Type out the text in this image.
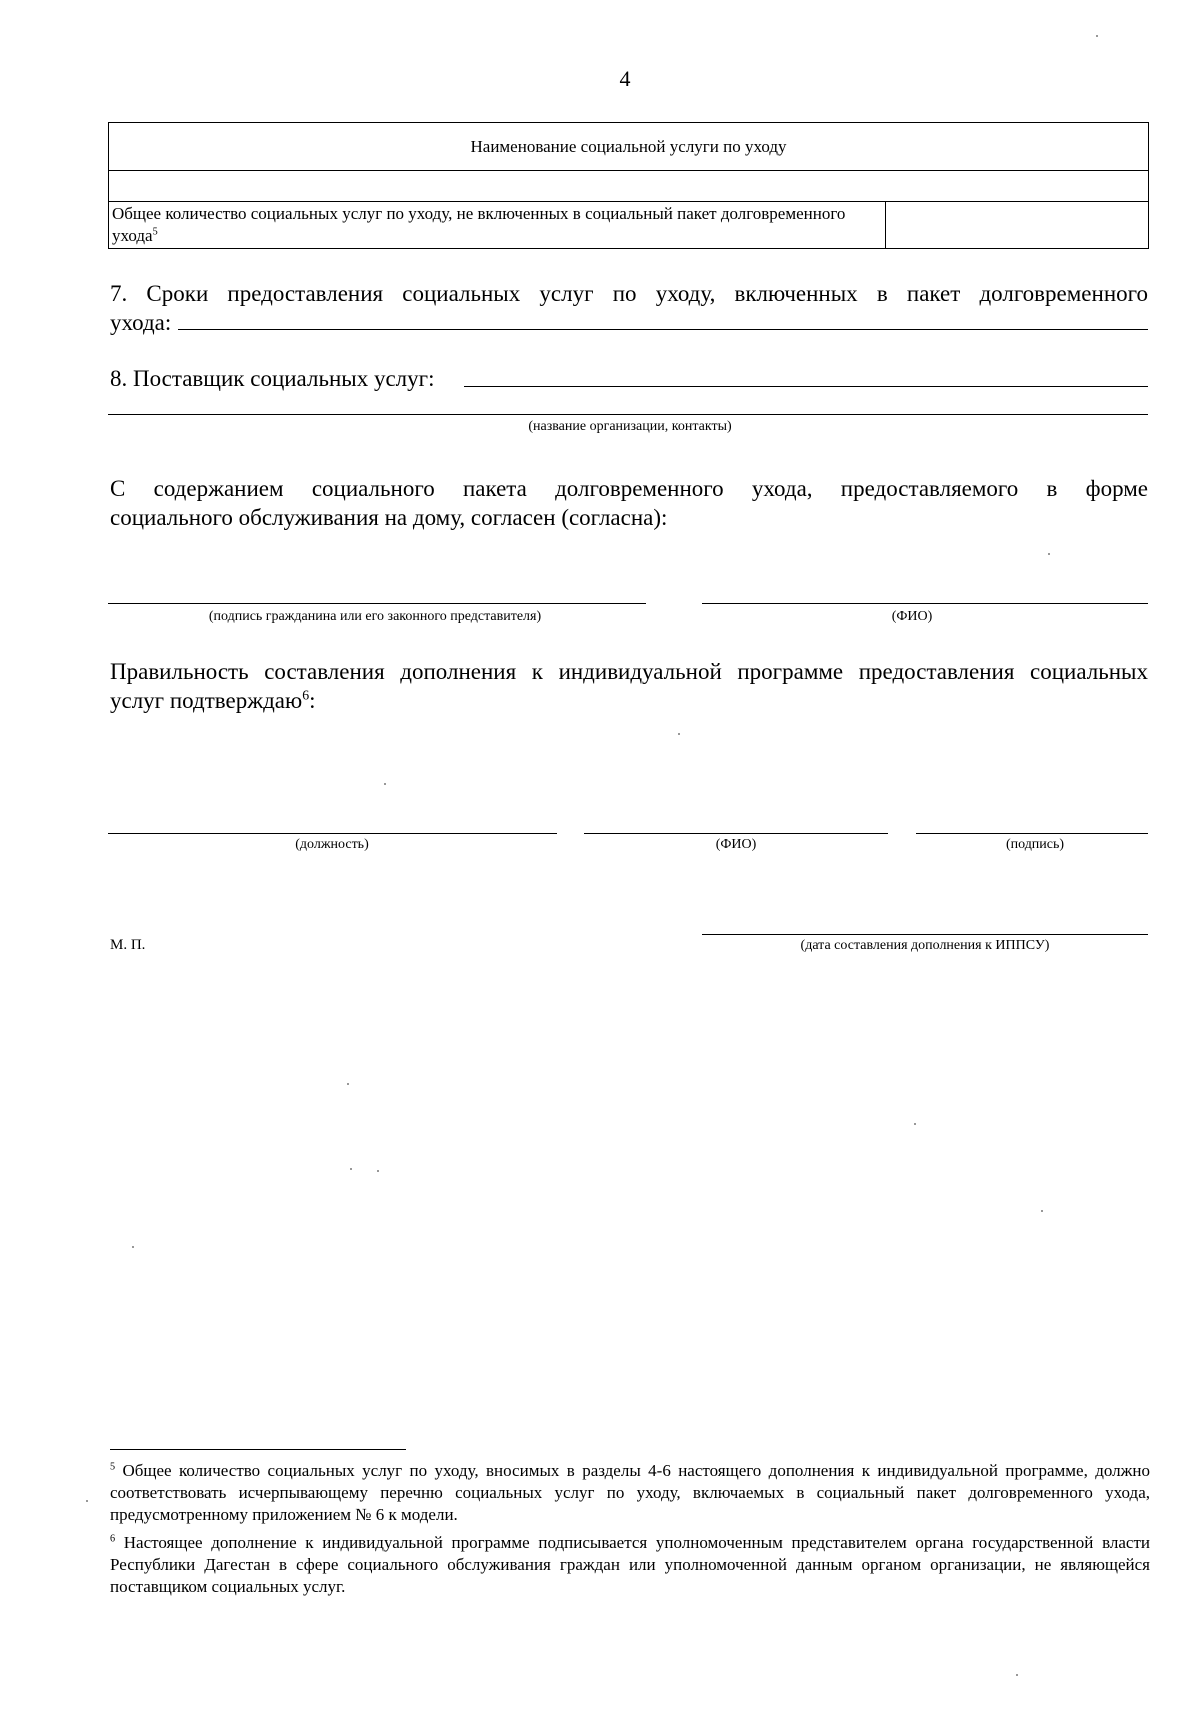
4
Наименование социальной услуги по уходу

Общее количество социальных услуг по уходу, не включенных в социальный пакет долговременного ухода$^5$	
7. Сроки предоставления социальных услуг по уходу, включенных в пакет долговременного
ухода:
8. Поставщик социальных услуг:
(название организации, контакты)
С содержанием социального пакета долговременного ухода, предоставляемого в форме
социального обслуживания на дому, согласен (согласна):
(подпись гражданина или его законного представителя)	(ФИО)
Правильность составления дополнения к индивидуальной программе предоставления социальных
услуг подтверждаю$^6$:
(должность)	(ФИО)	(подпись)
М. П.	(дата составления дополнения к ИППСУ)
$^5$ Общее количество социальных услуг по уходу, вносимых в разделы 4-6 настоящего дополнения к индивидуальной программе, должно соответствовать исчерпывающему перечню социальных услуг по уходу, включаемых в социальный пакет долговременного ухода, предусмотренному приложением № 6 к модели.
$^6$ Настоящее дополнение к индивидуальной программе подписывается уполномоченным представителем органа государственной власти Республики Дагестан в сфере социального обслуживания граждан или уполномоченной данным органом организации, не являющейся поставщиком социальных услуг.
